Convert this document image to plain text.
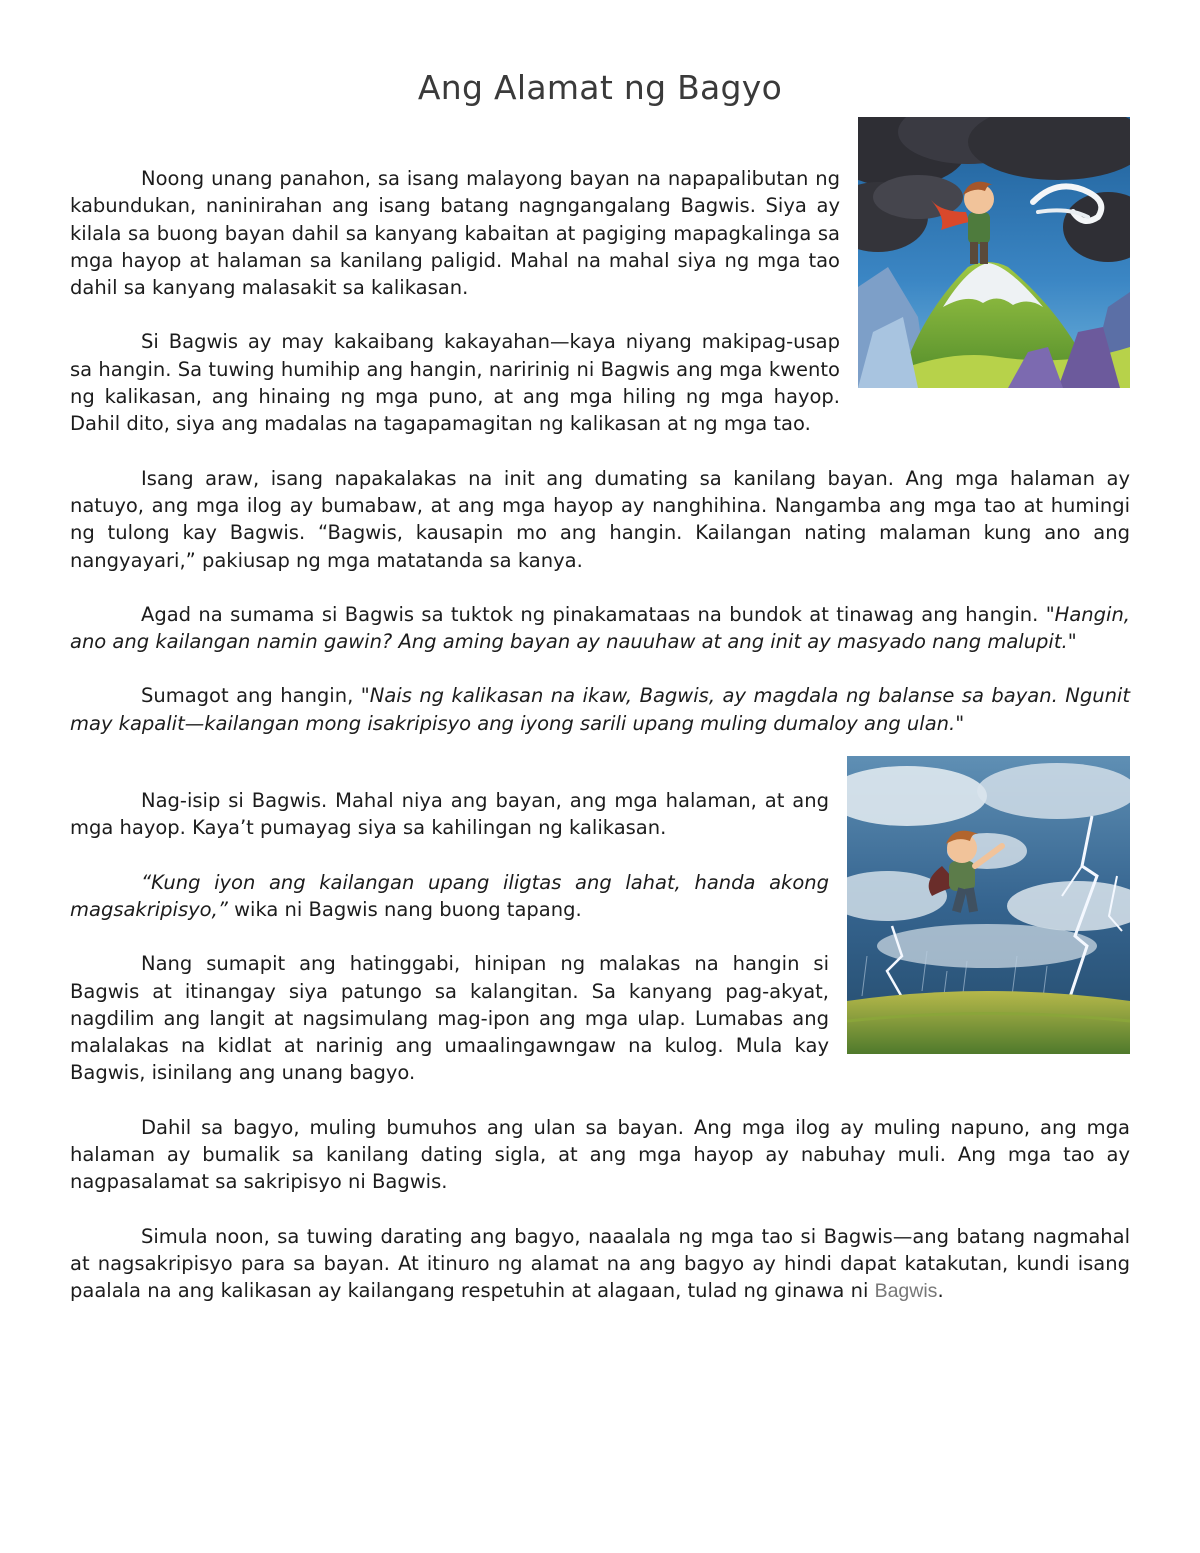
Ang Alamat ng Bagyo

Noong unang panahon, sa isang malayong bayan na napapalibutan ng kabundukan, naninirahan ang isang batang nagngangalang Bagwis. Siya ay kilala sa buong bayan dahil sa kanyang kabaitan at pagiging mapagkalinga sa mga hayop at halaman sa kanilang paligid. Mahal na mahal siya ng mga tao dahil sa kanyang malasakit sa kalikasan.

Si Bagwis ay may kakaibang kakayahan—kaya niyang makipag-usap sa hangin. Sa tuwing humihip ang hangin, naririnig ni Bagwis ang mga kwento ng kalikasan, ang hinaing ng mga puno, at ang mga hiling ng mga hayop. Dahil dito, siya ang madalas na tagapamagitan ng kalikasan at ng mga tao.

Isang araw, isang napakalakas na init ang dumating sa kanilang bayan. Ang mga halaman ay natuyo, ang mga ilog ay bumabaw, at ang mga hayop ay nanghihina. Nangamba ang mga tao at humingi ng tulong kay Bagwis. “Bagwis, kausapin mo ang hangin. Kailangan nating malaman kung ano ang nangyayari,” pakiusap ng mga matatanda sa kanya.

Agad na sumama si Bagwis sa tuktok ng pinakamataas na bundok at tinawag ang hangin. "Hangin, ano ang kailangan namin gawin? Ang aming bayan ay nauuhaw at ang init ay masyado nang malupit."

Sumagot ang hangin, "Nais ng kalikasan na ikaw, Bagwis, ay magdala ng balanse sa bayan. Ngunit may kapalit—kailangan mong isakripisyo ang iyong sarili upang muling dumaloy ang ulan."

Nag-isip si Bagwis. Mahal niya ang bayan, ang mga halaman, at ang mga hayop. Kaya’t pumayag siya sa kahilingan ng kalikasan.

“Kung iyon ang kailangan upang iligtas ang lahat, handa akong magsakripisyo,” wika ni Bagwis nang buong tapang.

Nang sumapit ang hatinggabi, hinipan ng malakas na hangin si Bagwis at itinangay siya patungo sa kalangitan. Sa kanyang pag-akyat, nagdilim ang langit at nagsimulang mag-ipon ang mga ulap. Lumabas ang malalakas na kidlat at narinig ang umaalingawngaw na kulog. Mula kay Bagwis, isinilang ang unang bagyo.

Dahil sa bagyo, muling bumuhos ang ulan sa bayan. Ang mga ilog ay muling napuno, ang mga halaman ay bumalik sa kanilang dating sigla, at ang mga hayop ay nabuhay muli. Ang mga tao ay nagpasalamat sa sakripisyo ni Bagwis.

Simula noon, sa tuwing darating ang bagyo, naaalala ng mga tao si Bagwis—ang batang nagmahal at nagsakripisyo para sa bayan. At itinuro ng alamat na ang bagyo ay hindi dapat katakutan, kundi isang paalala na ang kalikasan ay kailangang respetuhin at alagaan, tulad ng ginawa ni Bagwis.
